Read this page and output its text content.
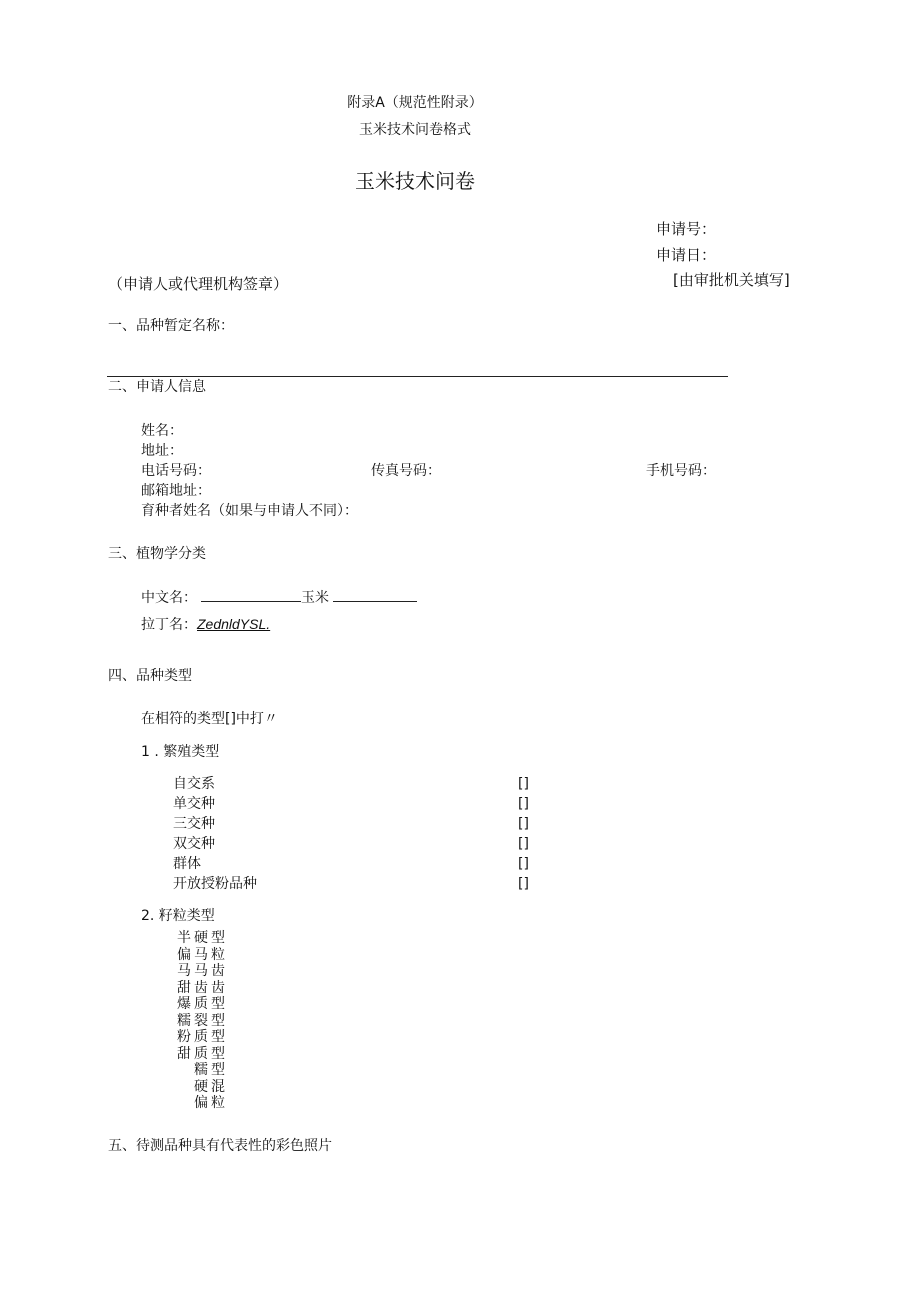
附录A（规范性附录）
玉米技术问卷格式
玉米技术问卷
申请号：
申请日：
（申请人或代理机构签章）	[由审批机关填写]
一、品种暂定名称：
二、申请人信息
姓名：
地址：
电话号码：	传真号码：	手机号码：
邮箱地址：
育种者姓名（如果与申请人不同）：
三、植物学分类
中文名：	玉米
拉丁名：ZednldYSL.
四、品种类型
在相符的类型[]中打〃
1 . 繁殖类型
自交系	[]
单交种	[]
三交种	[]
双交种	[]
群体	[]
开放授粉品种	[]
2. 籽粒类型
半偏马甜爆糯粉甜
硬马马齿质裂质质糯硬偏
型粒齿齿型型型型型混粒
五、待测品种具有代表性的彩色照片
